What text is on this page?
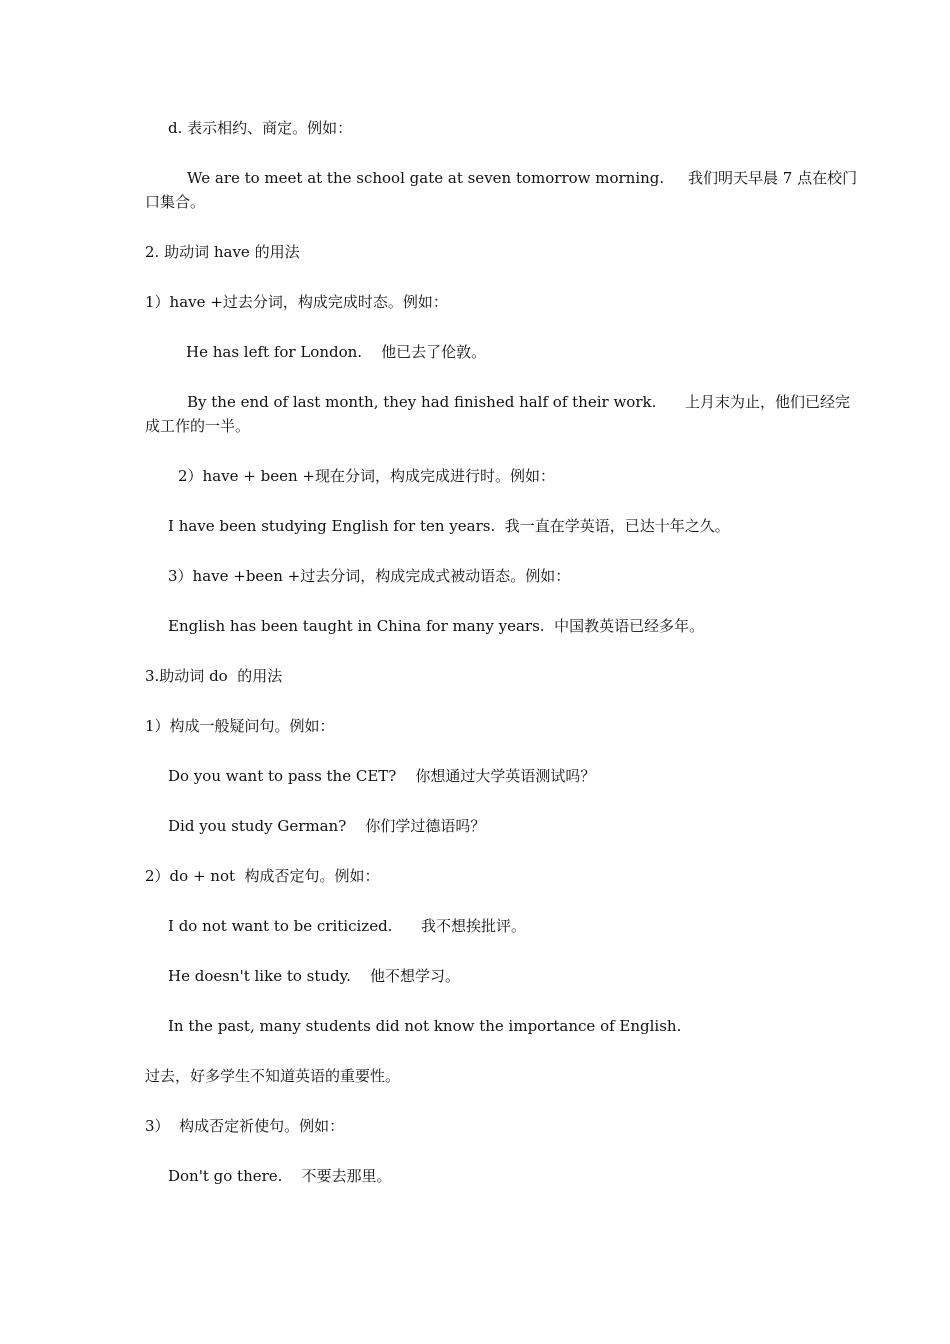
d. 表示相约、商定。例如：

We are to meet at the school gate at seven tomorrow morning.     我们明天早晨 7 点在校门
口集合。

2. 助动词 have 的用法

1）have +过去分词，构成完成时态。例如：

He has left for London.    他已去了伦敦。

By the end of last month, they had finished half of their work.      上月末为止，他们已经完
成工作的一半。

2）have + been +现在分词，构成完成进行时。例如：

I have been studying English for ten years.  我一直在学英语，已达十年之久。

3）have +been +过去分词，构成完成式被动语态。例如：

English has been taught in China for many years.  中国教英语已经多年。

3.助动词 do  的用法

1）构成一般疑问句。例如：

Do you want to pass the CET?    你想通过大学英语测试吗？

Did you study German?    你们学过德语吗？

2）do + not  构成否定句。例如：

I do not want to be criticized.      我不想挨批评。

He doesn't like to study.    他不想学习。

In the past, many students did not know the importance of English.

过去，好多学生不知道英语的重要性。

3）  构成否定祈使句。例如：

Don't go there.    不要去那里。
